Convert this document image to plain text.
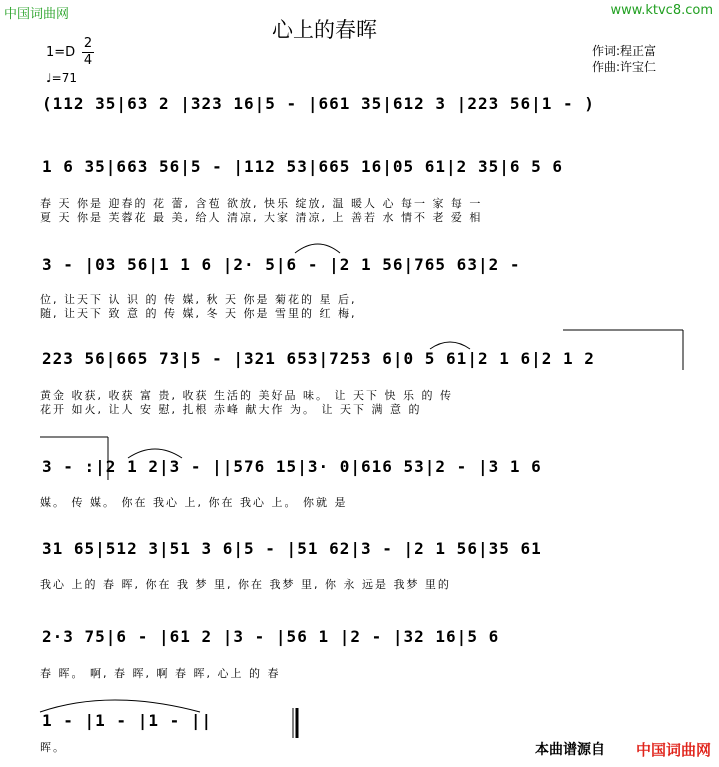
中国词曲网	www.ktvc8.com
心上的春晖
$1=D \frac{2}{4}$
♩=71
作词:程正富
作曲:许宝仁
(112 35|63 2 |323 16|5 - |661 35|612 3 |223 56|1 - )
1 6 35|663 56|5 - |112 53|665 16|05 61|2 35|6 5 6
春 天 你是 迎春的 花 蕾, 含苞 欲放, 快乐 绽放, 温 暖人 心 每一 家 每 一
夏 天 你是 芙蓉花 最 美, 给人 清凉, 大家 清凉, 上 善若 水 情不 老 爱 相
3 - |03 56|1 1 6 |2· 5|6 - |2 1 56|765 63|2 -
位, 让天下 认 识 的 传 媒, 秋 天 你是 菊花的 星 后,
随, 让天下 致 意 的 传 媒, 冬 天 你是 雪里的 红 梅,
223 56|665 73|5 - |321 653|7253 6|0 5 61|2 1 6|2 1 2
黄金 收获, 收获 富 贵, 收获 生活的 美好品 味。 让 天下 快 乐 的 传
花开 如火, 让人 安 慰, 扎根 赤峰 献大作 为。 让 天下 满 意 的
3 - :|2 1 2|3 - ||576 15|3· 0|616 53|2 - |3 1 6
媒。 传 媒。 你在 我心 上, 你在 我心 上。 你就 是
31 65|512 3|51 3 6|5 - |51 62|3 - |2 1 56|35 61
我心 上的 春 晖, 你在 我 梦 里, 你在 我梦 里, 你 永 远是 我梦 里的
2·3 75|6 - |61 2 |3 - |56 1 |2 - |32 16|5 6
春 晖。 啊, 春 晖, 啊 春 晖, 心上 的 春
1 - |1 - |1 - ||
晖。	本曲谱源自 中国词曲网
